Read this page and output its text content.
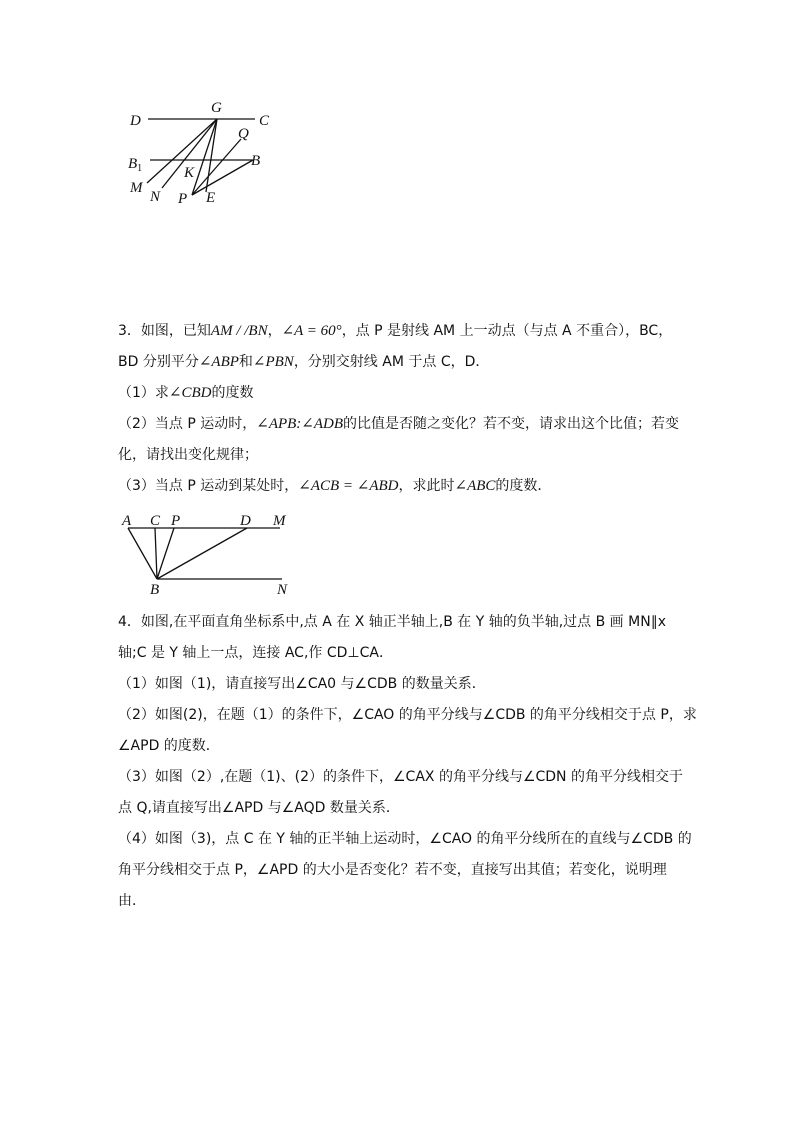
D
G
C
Q
$B_1$	B
K
M
N P E
3．如图，已知AM / /BN，∠A = 60°，点 P 是射线 AM 上一动点（与点 A 不重合），BC，
BD 分别平分∠ABP和∠PBN，分别交射线 AM 于点 C，D．
（1）求∠CBD的度数
（2）当点 P 运动时，∠APB:∠ADB的比值是否随之变化？若不变，请求出这个比值；若变
化，请找出变化规律；
（3）当点 P 运动到某处时，∠ACB = ∠ABD，求此时∠ABC的度数．
A C P	D M
B	N
4．如图,在平面直角坐标系中,点 A 在 X 轴正半轴上,B 在 Y 轴的负半轴,过点 B 画 MN∥x
轴;C 是 Y 轴上一点，连接 AC,作 CD⊥CA．
（1）如图（1)，请直接写出∠CA0 与∠CDB 的数量关系．
（2）如图(2)，在题（1）的条件下，∠CAO 的角平分线与∠CDB 的角平分线相交于点 P，求
∠APD 的度数．
（3）如图（2）,在题（1)、(2）的条件下，∠CAX 的角平分线与∠CDN 的角平分线相交于
点 Q,请直接写出∠APD 与∠AQD 数量关系．
（4）如图（3)，点 C 在 Y 轴的正半轴上运动时，∠CAO 的角平分线所在的直线与∠CDB 的
角平分线相交于点 P，∠APD 的大小是否变化？若不变，直接写出其值；若变化，说明理
由．
